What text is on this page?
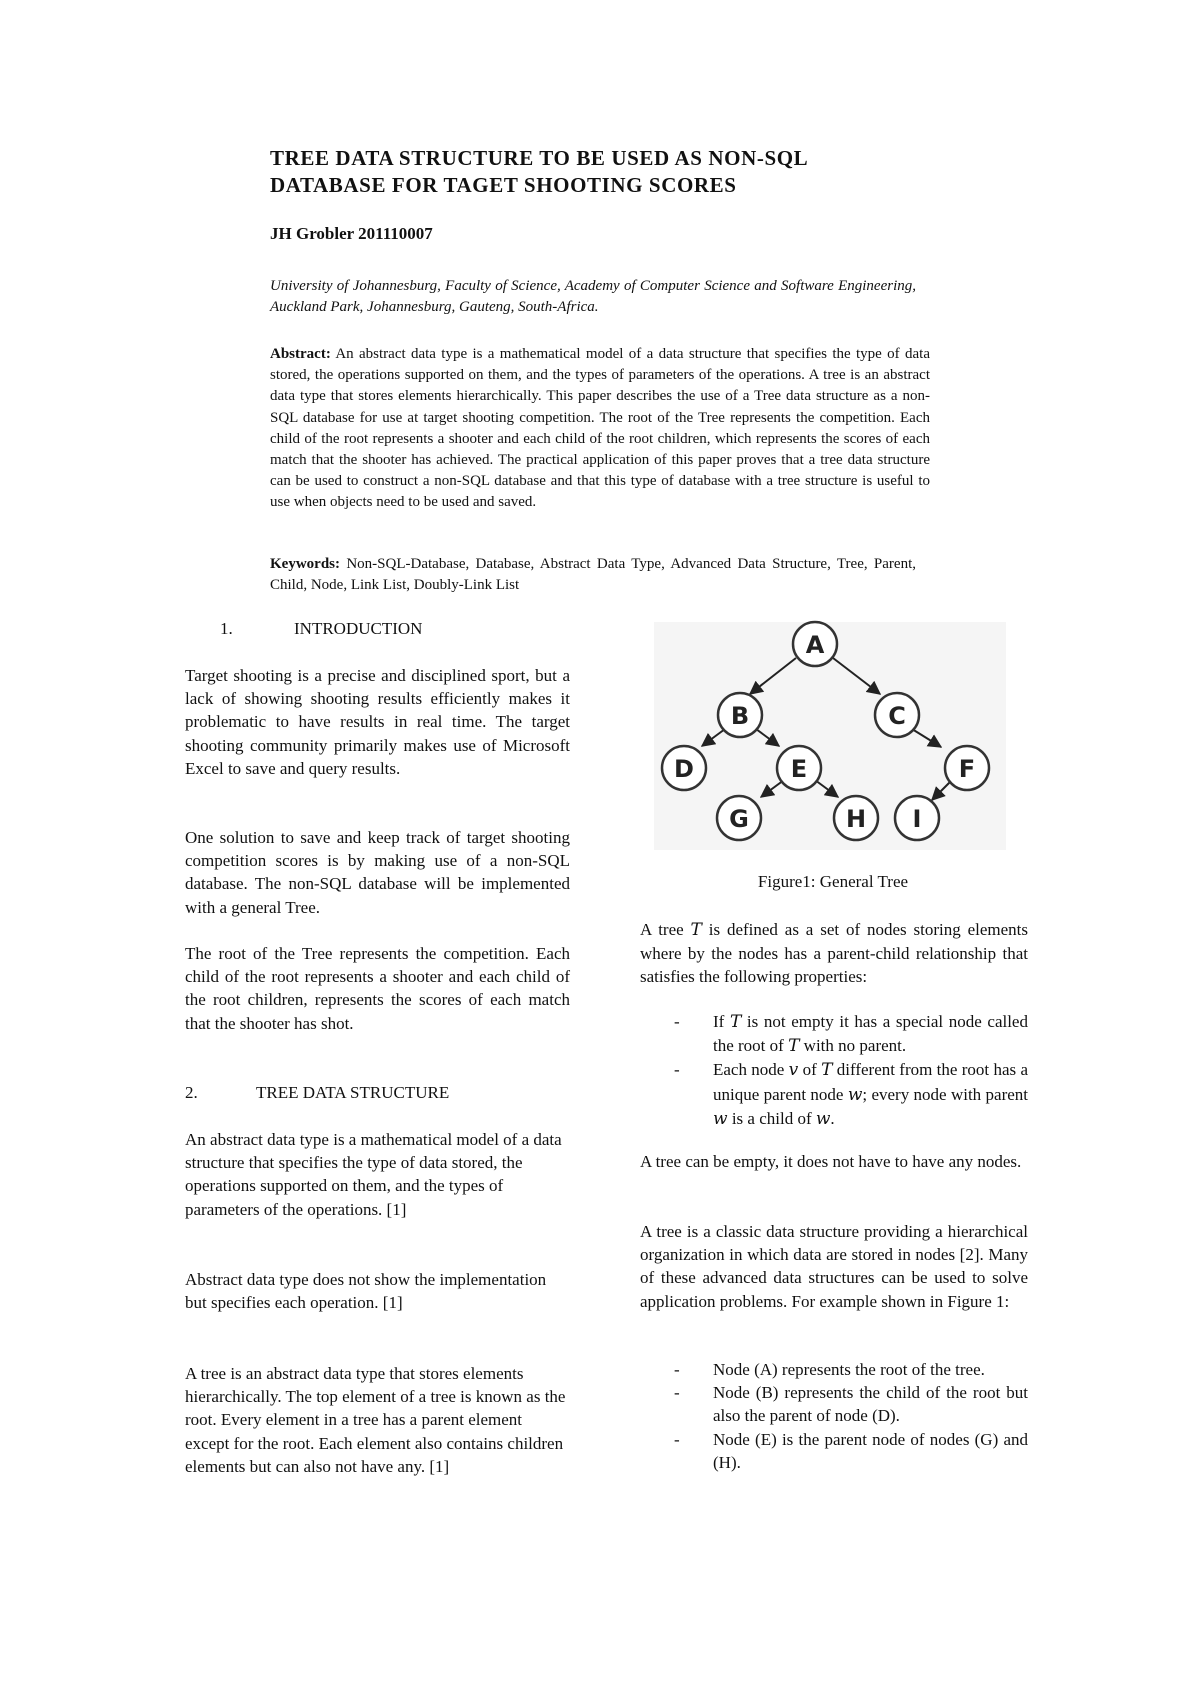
TREE DATA STRUCTURE TO BE USED AS NON-SQL
DATABASE FOR TAGET SHOOTING SCORES
JH Grobler 201110007
University of Johannesburg, Faculty of Science, Academy of Computer Science and Software Engineering, Auckland Park, Johannesburg, Gauteng, South-Africa.
Abstract: An abstract data type is a mathematical model of a data structure that specifies the type of data stored, the operations supported on them, and the types of parameters of the operations. A tree is an abstract data type that stores elements hierarchically. This paper describes the use of a Tree data structure as a non-SQL database for use at target shooting competition. The root of the Tree represents the competition. Each child of the root represents a shooter and each child of the root children, which represents the scores of each match that the shooter has achieved. The practical application of this paper proves that a tree data structure can be used to construct a non-SQL database and that this type of database with a tree structure is useful to use when objects need to be used and saved.
Keywords: Non-SQL-Database, Database, Abstract Data Type, Advanced Data Structure, Tree, Parent, Child, Node, Link List, Doubly-Link List
1.	INTRODUCTION
Target shooting is a precise and disciplined sport, but a lack of showing shooting results efficiently makes it problematic to have results in real time. The target shooting community primarily makes use of Microsoft Excel to save and query results.
One solution to save and keep track of target shooting competition scores is by making use of a non-SQL database. The non-SQL database will be implemented with a general Tree.
The root of the Tree represents the competition. Each child of the root represents a shooter and each child of the root children, represents the scores of each match that the shooter has shot.
2.	TREE DATA STRUCTURE
An abstract data type is a mathematical model of a data structure that specifies the type of data stored, the operations supported on them, and the types of parameters of the operations. [1]
Abstract data type does not show the implementation but specifies each operation. [1]
A tree is an abstract data type that stores elements hierarchically. The top element of a tree is known as the root. Every element in a tree has a parent element except for the root. Each element also contains children elements but can also not have any. [1]
A
B	C
D	E	F
G	H I
Figure1: General Tree
A tree T is defined as a set of nodes storing elements where by the nodes has a parent-child relationship that satisfies the following properties:
- If T is not empty it has a special node called the root of T with no parent.
- Each node v of T different from the root has a unique parent node w; every node with parent w is a child of w.
A tree can be empty, it does not have to have any nodes.
A tree is a classic data structure providing a hierarchical organization in which data are stored in nodes [2]. Many of these advanced data structures can be used to solve application problems. For example shown in Figure 1:
- Node (A) represents the root of the tree.
- Node (B) represents the child of the root but also the parent of node (D).
- Node (E) is the parent node of nodes (G) and (H).
